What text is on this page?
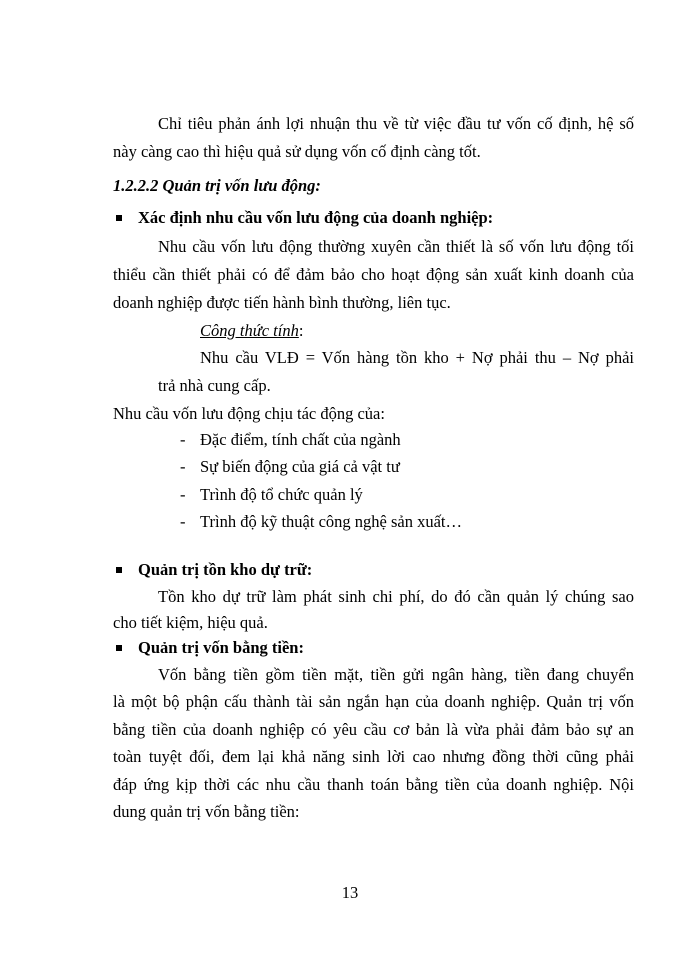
Chỉ tiêu phản ánh lợi nhuận thu về từ việc đầu tư vốn cố định, hệ số
này càng cao thì hiệu quả sử dụng vốn cố định càng tốt.
1.2.2.2 Quản trị vốn lưu động:
Xác định nhu cầu vốn lưu động của doanh nghiệp:
Nhu cầu vốn lưu động thường xuyên cần thiết là số vốn lưu động tối
thiểu cần thiết phải có để đảm bảo cho hoạt động sản xuất kinh doanh của
doanh nghiệp được tiến hành bình thường, liên tục.
Công thức tính:
Nhu cầu VLĐ = Vốn hàng tồn kho + Nợ phải thu – Nợ phải
trả nhà cung cấp.
Nhu cầu vốn lưu động chịu tác động của:
- Đặc điểm, tính chất của ngành
- Sự biến động của giá cả vật tư
- Trình độ tổ chức quản lý
- Trình độ kỹ thuật công nghệ sản xuất…
Quản trị tồn kho dự trữ:
Tồn kho dự trữ làm phát sinh chi phí, do đó cần quản lý chúng sao
cho tiết kiệm, hiệu quả.
Quản trị vốn bằng tiền:
Vốn bằng tiền gồm tiền mặt, tiền gửi ngân hàng, tiền đang chuyển
là một bộ phận cấu thành tài sản ngắn hạn của doanh nghiệp. Quản trị vốn
bằng tiền của doanh nghiệp có yêu cầu cơ bản là vừa phải đảm bảo sự an
toàn tuyệt đối, đem lại khả năng sinh lời cao nhưng đồng thời cũng phải
đáp ứng kịp thời các nhu cầu thanh toán bằng tiền của doanh nghiệp. Nội
dung quản trị vốn bằng tiền:
13
